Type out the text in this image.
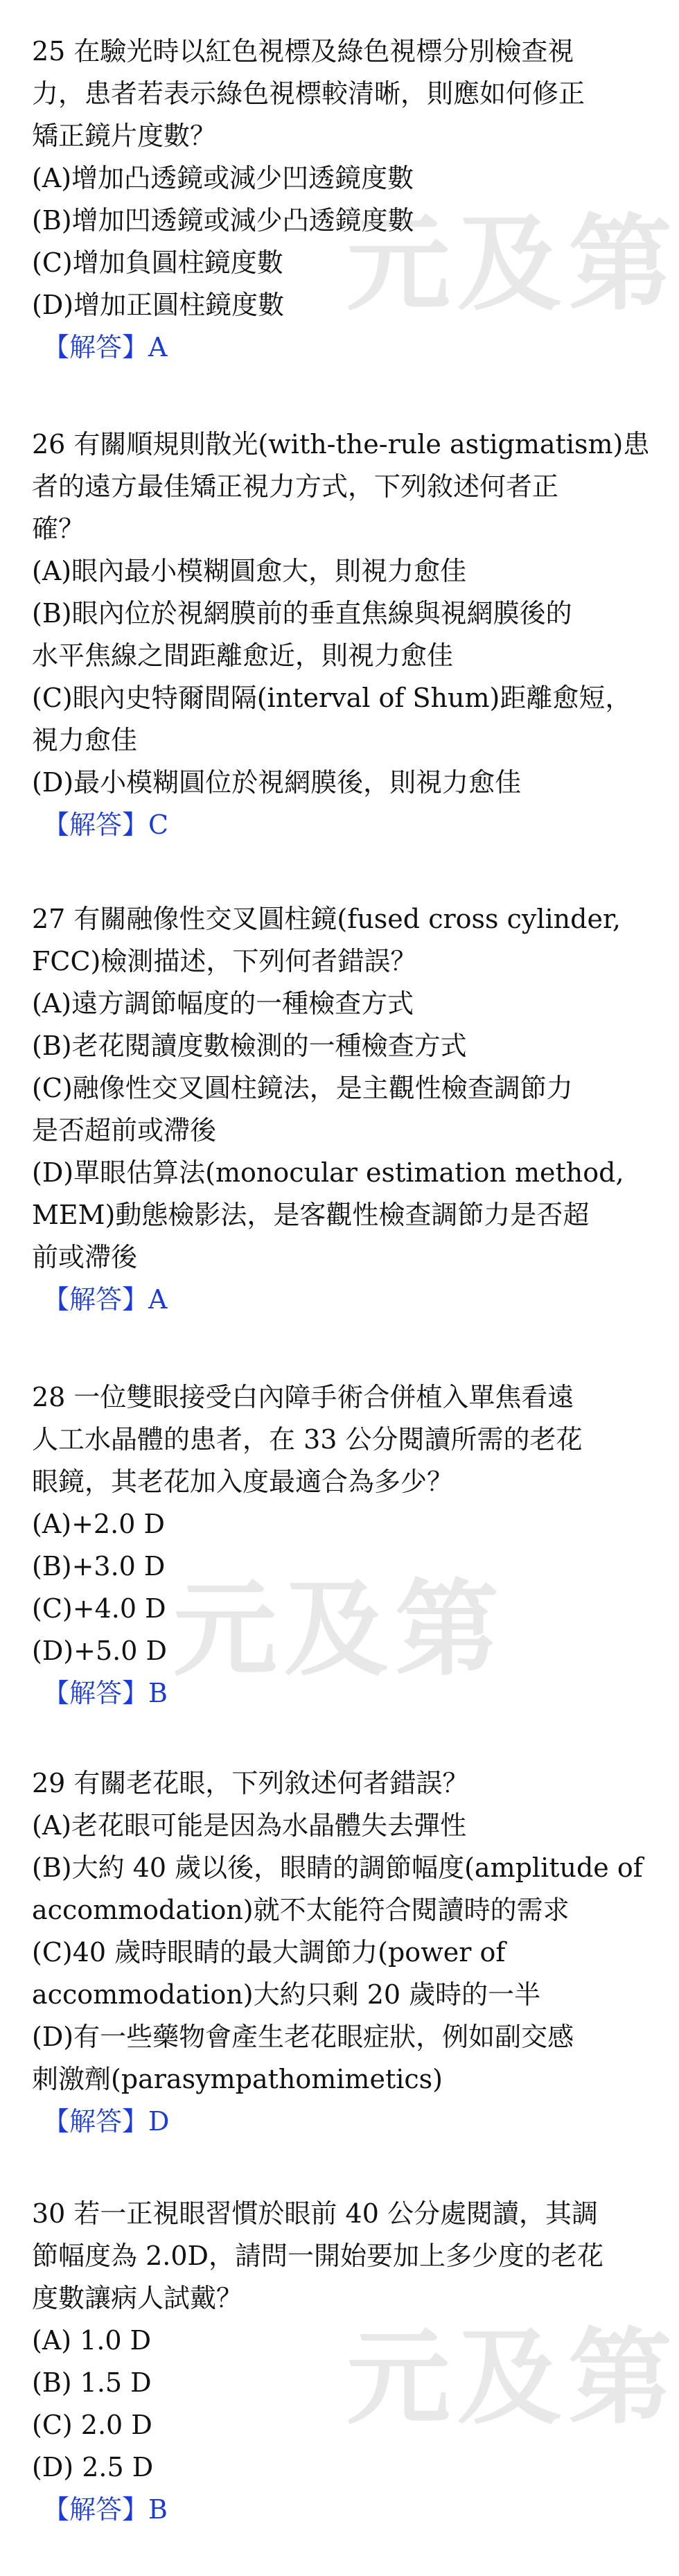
元及第
元及第
元及第
25 在驗光時以紅色視標及綠色視標分別檢查視
力，患者若表示綠色視標較清晰，則應如何修正
矯正鏡片度數？
(A)增加凸透鏡或減少凹透鏡度數
(B)增加凹透鏡或減少凸透鏡度數
(C)增加負圓柱鏡度數
(D)增加正圓柱鏡度數
【解答】A
26 有關順規則散光(with-the-rule astigmatism)患
者的遠方最佳矯正視力方式，下列敘述何者正
確？
(A)眼內最小模糊圓愈大，則視力愈佳
(B)眼內位於視網膜前的垂直焦線與視網膜後的
水平焦線之間距離愈近，則視力愈佳
(C)眼內史特爾間隔(interval of Shum)距離愈短，
視力愈佳
(D)最小模糊圓位於視網膜後，則視力愈佳
【解答】C
27 有關融像性交叉圓柱鏡(fused cross cylinder,
FCC)檢測描述，下列何者錯誤？
(A)遠方調節幅度的一種檢查方式
(B)老花閱讀度數檢測的一種檢查方式
(C)融像性交叉圓柱鏡法，是主觀性檢查調節力
是否超前或滯後
(D)單眼估算法(monocular estimation method,
MEM)動態檢影法，是客觀性檢查調節力是否超
前或滯後
【解答】A
28 一位雙眼接受白內障手術合併植入單焦看遠
人工水晶體的患者，在 33 公分閱讀所需的老花
眼鏡，其老花加入度最適合為多少？
(A)+2.0 D
(B)+3.0 D
(C)+4.0 D
(D)+5.0 D
【解答】B
29 有關老花眼，下列敘述何者錯誤？
(A)老花眼可能是因為水晶體失去彈性
(B)大約 40 歲以後，眼睛的調節幅度(amplitude of
accommodation)就不太能符合閱讀時的需求
(C)40 歲時眼睛的最大調節力(power of
accommodation)大約只剩 20 歲時的一半
(D)有一些藥物會產生老花眼症狀，例如副交感
刺激劑(parasympathomimetics)
【解答】D
30 若一正視眼習慣於眼前 40 公分處閱讀，其調
節幅度為 2.0D，請問一開始要加上多少度的老花
度數讓病人試戴？
(A) 1.0 D
(B) 1.5 D
(C) 2.0 D
(D) 2.5 D
【解答】B
